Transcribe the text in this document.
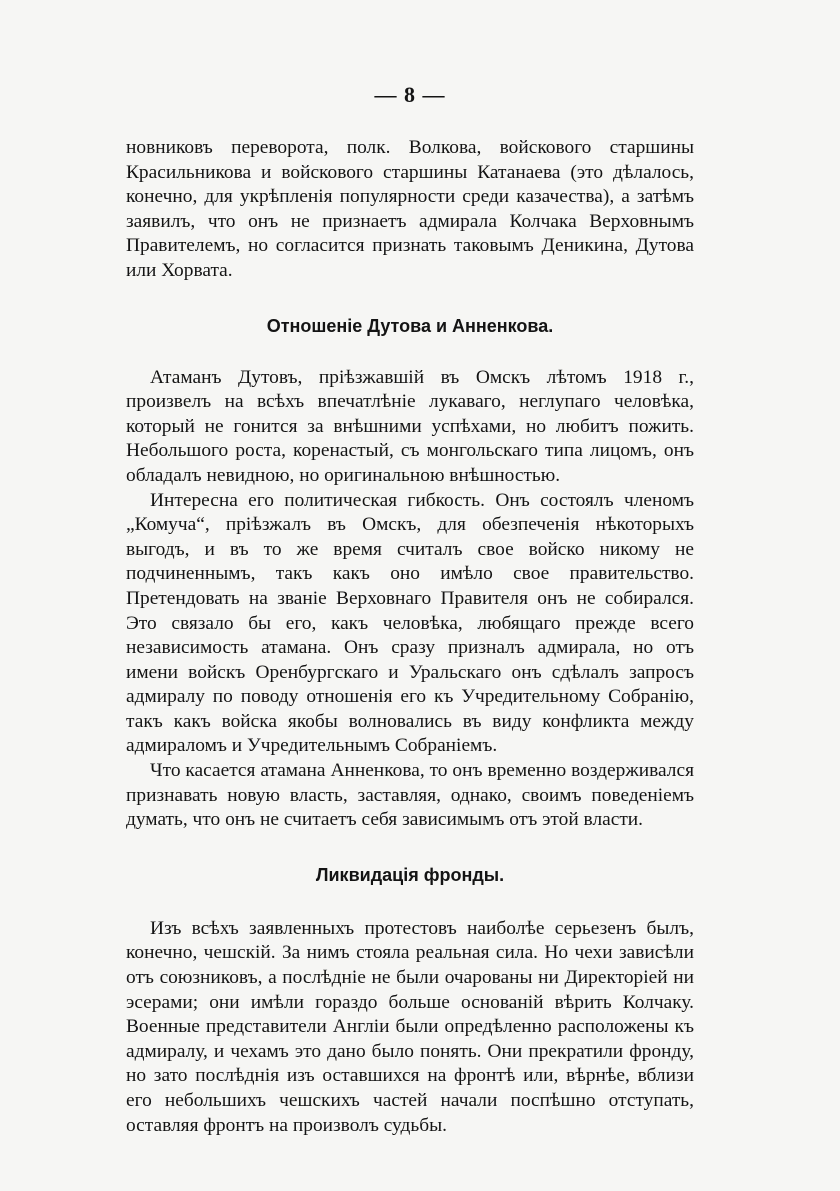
— 8 —

новниковъ переворота, полк. Волкова, войскового старшины Красильникова и войскового старшины Катанаева (это дѣлалось, конечно, для укрѣпленія популярности среди казачества), а затѣмъ заявилъ, что онъ не признаетъ адмирала Колчака Верховнымъ Правителемъ, но согласится признать таковымъ Деникина, Дутова или Хорвата.

Отношеніе Дутова и Анненкова.

Атаманъ Дутовъ, пріѣзжавшій въ Омскъ лѣтомъ 1918 г., произвелъ на всѣхъ впечатлѣніе лукаваго, неглупаго человѣка, который не гонится за внѣшними успѣхами, но любитъ пожить. Небольшого роста, коренастый, съ монгольскаго типа лицомъ, онъ обладалъ невидною, но оригинальною внѣшностью.

Интересна его политическая гибкость. Онъ состоялъ членомъ „Комуча“, пріѣзжалъ въ Омскъ, для обезпеченія нѣкоторыхъ выгодъ, и въ то же время считалъ свое войско никому не подчиненнымъ, такъ какъ оно имѣло свое правительство. Претендовать на званіе Верховнаго Правителя онъ не собирался. Это связало бы его, какъ человѣка, любящаго прежде всего независимость атамана. Онъ сразу призналъ адмирала, но отъ имени войскъ Оренбургскаго и Уральскаго онъ сдѣлалъ запросъ адмиралу по поводу отношенія его къ Учредительному Собранію, такъ какъ войска якобы волновались въ виду конфликта между адмираломъ и Учредительнымъ Собраніемъ.

Что касается атамана Анненкова, то онъ временно воздерживался признавать новую власть, заставляя, однако, своимъ поведеніемъ думать, что онъ не считаетъ себя зависимымъ отъ этой власти.

Ликвидація фронды.

Изъ всѣхъ заявленныхъ протестовъ наиболѣе серьезенъ былъ, конечно, чешскій. За нимъ стояла реальная сила. Но чехи зависѣли отъ союзниковъ, а послѣдніе не были очарованы ни Директоріей ни эсерами; они имѣли гораздо больше основаній вѣрить Колчаку. Военные представители Англіи были опредѣленно расположены къ адмиралу, и чехамъ это дано было понять. Они прекратили фронду, но зато послѣднія изъ оставшихся на фронтѣ или, вѣрнѣе, вблизи его небольшихъ чешскихъ частей начали поспѣшно отступать, оставляя фронтъ на произволъ судьбы.
